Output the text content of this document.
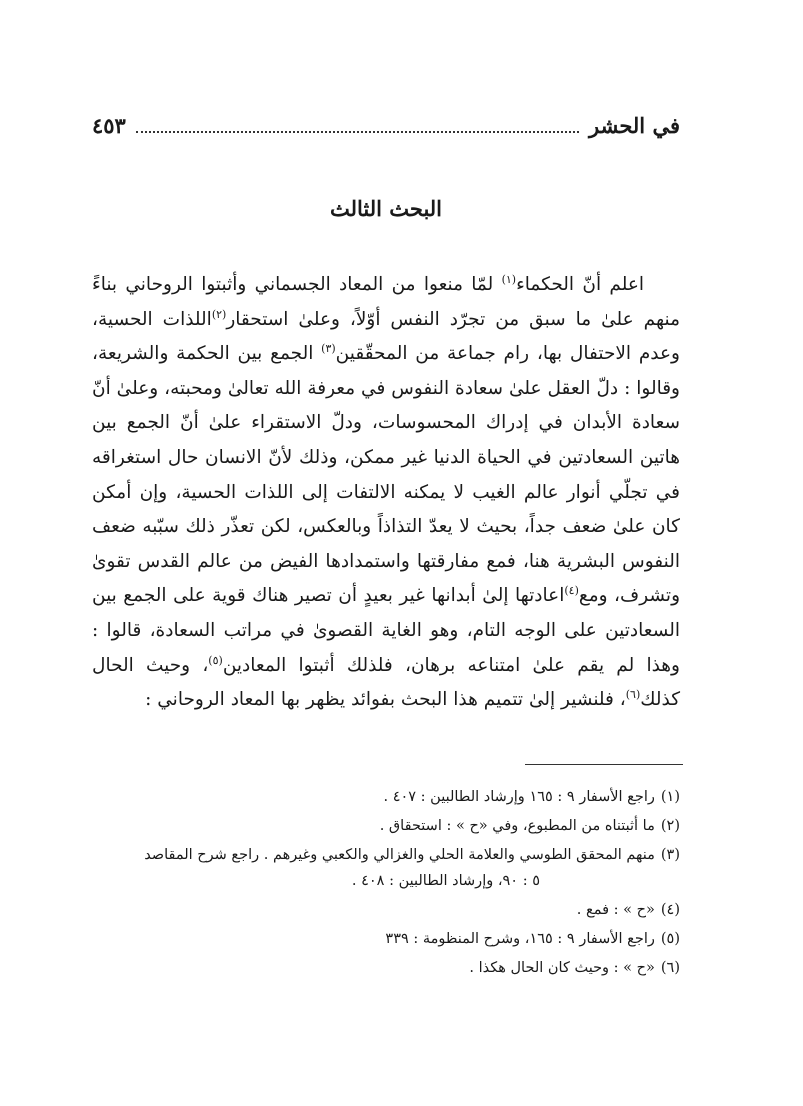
في الحشر
٤٥٣
البحث الثالث

اعلم أنّ الحكماء$^{(١)}$ لمّا منعوا من المعاد الجسماني وأثبتوا الروحاني بناءً منهم علىٰ ما سبق من تجرّد النفس أوّلاً، وعلىٰ استحقار$^{(٢)}$اللذات الحسية، وعدم الاحتفال بها، رام جماعة من المحقّقين$^{(٣)}$ الجمع بين الحكمة والشريعة، وقالوا : دلّ العقل علىٰ سعادة النفوس في معرفة الله تعالىٰ ومحبته، وعلىٰ أنّ سعادة الأبدان في إدراك المحسوسات، ودلّ الاستقراء علىٰ أنّ الجمع بين هاتين السعادتين في الحياة الدنيا غير ممكن، وذلك لأنّ الانسان حال استغراقه في تجلّي أنوار عالم الغيب لا يمكنه الالتفات إلى اللذات الحسية، وإن أمكن كان علىٰ ضعف جداً، بحيث لا يعدّ التذاذاً وبالعكس، لكن تعذّر ذلك سبّبه ضعف النفوس البشرية هنا، فمع مفارقتها واستمدادها الفيض من عالم القدس تقوىٰ وتشرف، ومع$^{(٤)}$اعادتها إلىٰ أبدانها غير بعيدٍ أن تصير هناك قوية على الجمع بين السعادتين على الوجه التام، وهو الغاية القصوىٰ في مراتب السعادة، قالوا : وهذا لم يقم علىٰ امتناعه برهان، فلذلك أثبتوا المعادين$^{(٥)}$، وحيث الحال كذلك$^{(٦)}$، فلنشير إلىٰ تتميم هذا البحث بفوائد يظهر بها المعاد الروحاني :

(١)راجع الأسفار ٩ : ١٦٥ وإرشاد الطالبين : ٤٠٧ .
(٢)ما أثبتناه من المطبوع، وفي «ح » : استحقاق .
(٣)منهم المحقق الطوسي والعلامة الحلي والغزالي والكعبي وغيرهم . راجع شرح المقاصد
٥ : ٩٠، وإرشاد الطالبين : ٤٠٨ .
(٤)«ح » : فمع .
(٥)راجع الأسفار ٩ : ١٦٥، وشرح المنظومة : ٣٣٩
(٦)«ح » : وحيث كان الحال هكذا .
